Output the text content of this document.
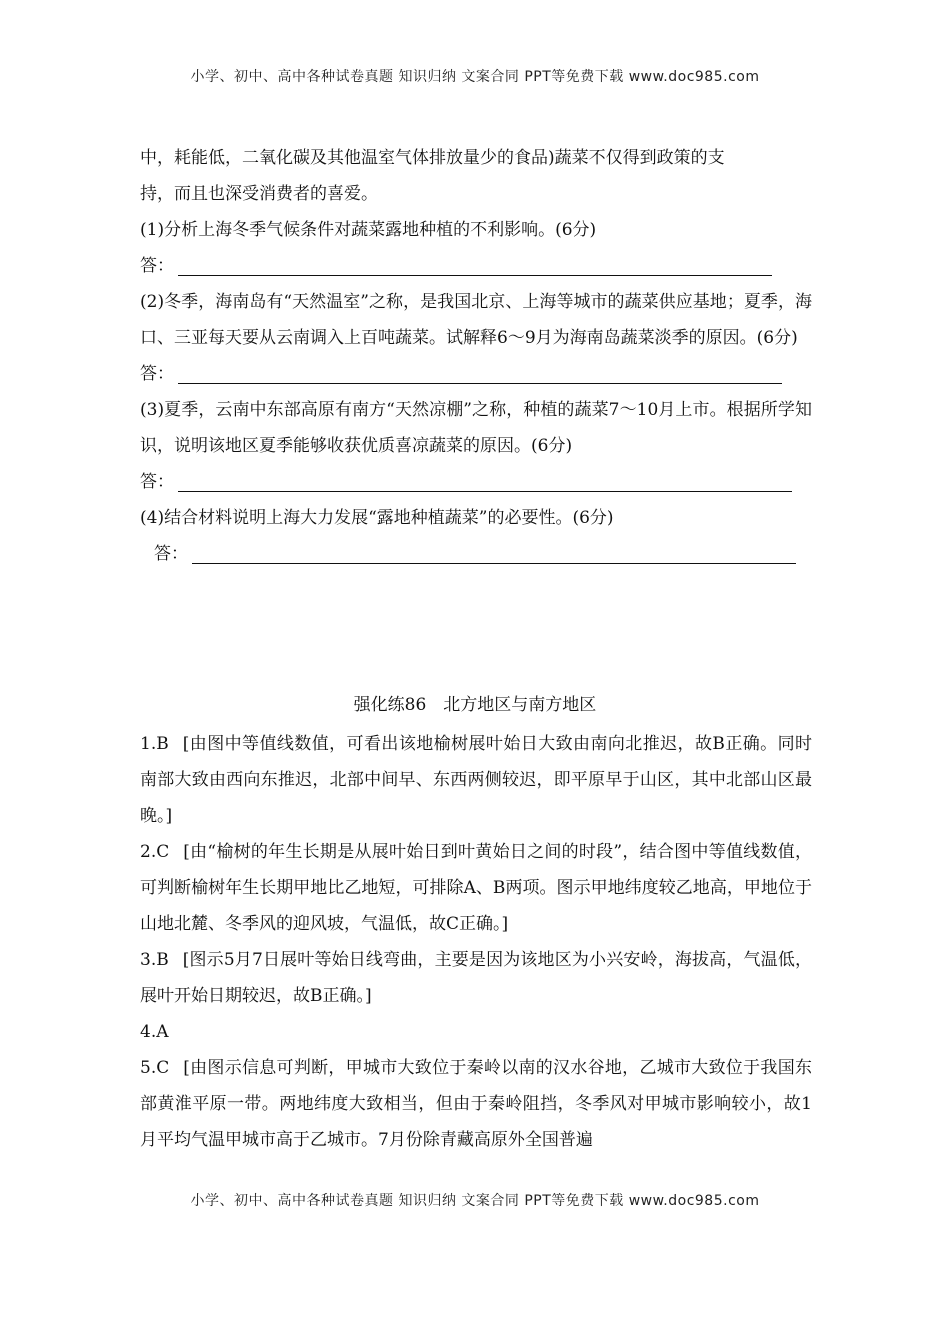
小学、初中、高中各种试卷真题 知识归纳 文案合同 PPT等免费下载 www.doc985.com
中，耗能低，二氧化碳及其他温室气体排放量少的食品)蔬菜不仅得到政策的支
持，而且也深受消费者的喜爱。
(1)分析上海冬季气候条件对蔬菜露地种植的不利影响。(6分)
答：
(2)冬季，海南岛有“天然温室”之称，是我国北京、上海等城市的蔬菜供应基地；夏季，海口、三亚每天要从云南调入上百吨蔬菜。试解释6～9月为海南岛蔬菜淡季的原因。(6分)
答：
(3)夏季，云南中东部高原有南方“天然凉棚”之称，种植的蔬菜7～10月上市。根据所学知识，说明该地区夏季能够收获优质喜凉蔬菜的原因。(6分)
答：
(4)结合材料说明上海大力发展“露地种植蔬菜”的必要性。(6分)
答：
强化练86　北方地区与南方地区

1.B [由图中等值线数值，可看出该地榆树展叶始日大致由南向北推迟，故B正确。同时南部大致由西向东推迟，北部中间早、东西两侧较迟，即平原早于山区，其中北部山区最晚。]

2.C [由“榆树的年生长期是从展叶始日到叶黄始日之间的时段”，结合图中等值线数值，可判断榆树年生长期甲地比乙地短，可排除A、B两项。图示甲地纬度较乙地高，甲地位于山地北麓、冬季风的迎风坡，气温低，故C正确。]

3.B [图示5月7日展叶等始日线弯曲，主要是因为该地区为小兴安岭，海拔高，气温低，展叶开始日期较迟，故B正确。]

4.A

5.C [由图示信息可判断，甲城市大致位于秦岭以南的汉水谷地，乙城市大致位于我国东部黄淮平原一带。两地纬度大致相当，但由于秦岭阻挡，冬季风对甲城市影响较小，故1月平均气温甲城市高于乙城市。7月份除青藏高原外全国普遍

小学、初中、高中各种试卷真题 知识归纳 文案合同 PPT等免费下载 www.doc985.com
